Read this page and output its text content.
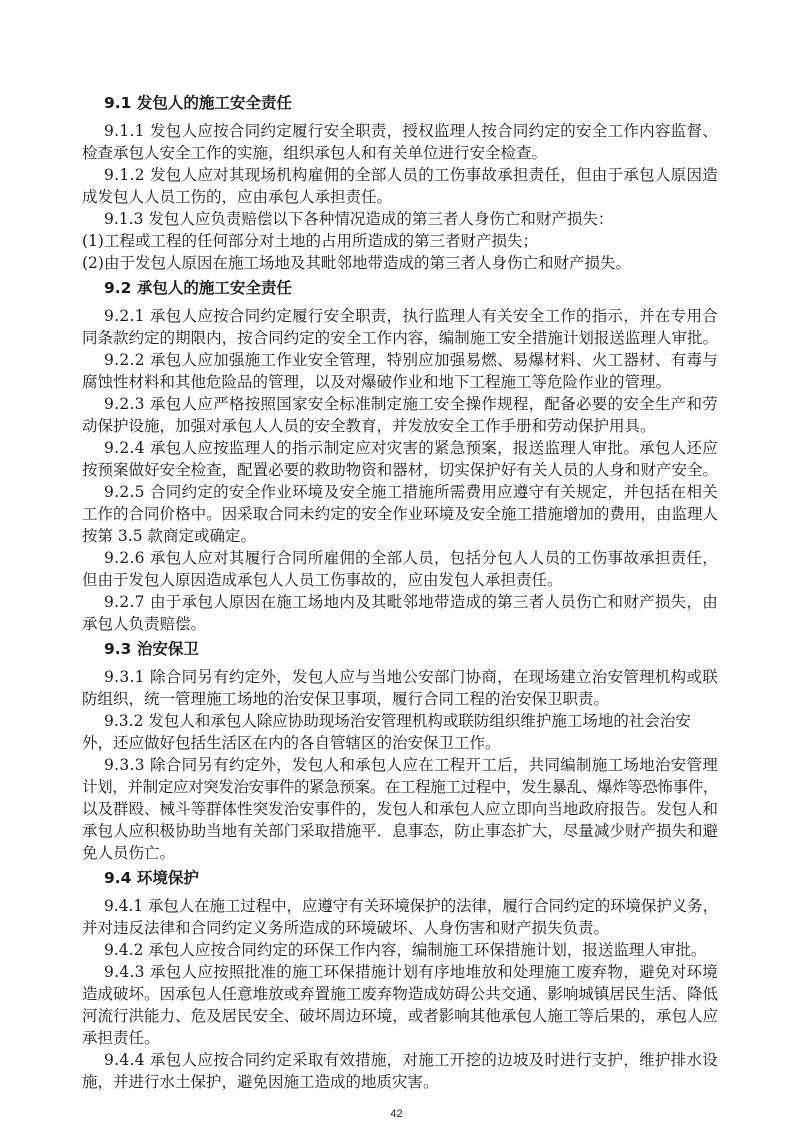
9.1 发包人的施工安全责任
9.1.1 发包人应按合同约定履行安全职责，授权监理人按合同约定的安全工作内容监督、
检查承包人安全工作的实施，组织承包人和有关单位进行安全检查。
9.1.2 发包人应对其现场机构雇佣的全部人员的工伤事故承担责任，但由于承包人原因造
成发包人人员工伤的，应由承包人承担责任。
9.1.3 发包人应负责赔偿以下各种情况造成的第三者人身伤亡和财产损失：
(1)工程或工程的任何部分对土地的占用所造成的第三者财产损失；
(2)由于发包人原因在施工场地及其毗邻地带造成的第三者人身伤亡和财产损失。
9.2 承包人的施工安全责任
9.2.1 承包人应按合同约定履行安全职责，执行监理人有关安全工作的指示，并在专用合
同条款约定的期限内，按合同约定的安全工作内容，编制施工安全措施计划报送监理人审批。
9.2.2 承包人应加强施工作业安全管理，特别应加强易燃、易爆材料、火工器材、有毒与
腐蚀性材料和其他危险品的管理，以及对爆破作业和地下工程施工等危险作业的管理。
9.2.3 承包人应严格按照国家安全标准制定施工安全操作规程，配备必要的安全生产和劳
动保护设施，加强对承包人人员的安全教育，并发放安全工作手册和劳动保护用具。
9.2.4 承包人应按监理人的指示制定应对灾害的紧急预案，报送监理人审批。承包人还应
按预案做好安全检查，配置必要的救助物资和器材，切实保护好有关人员的人身和财产安全。
9.2.5 合同约定的安全作业环境及安全施工措施所需费用应遵守有关规定，并包括在相关
工作的合同价格中。因采取合同未约定的安全作业环境及安全施工措施增加的费用，由监理人
按第 3.5 款商定或确定。
9.2.6 承包人应对其履行合同所雇佣的全部人员，包括分包人人员的工伤事故承担责任，
但由于发包人原因造成承包人人员工伤事故的，应由发包人承担责任。
9.2.7 由于承包人原因在施工场地内及其毗邻地带造成的第三者人员伤亡和财产损失，由
承包人负责赔偿。
9.3 治安保卫
9.3.1 除合同另有约定外，发包人应与当地公安部门协商，在现场建立治安管理机构或联
防组织，统一管理施工场地的治安保卫事项，履行合同工程的治安保卫职责。
9.3.2 发包人和承包人除应协助现场治安管理机构或联防组织维护施工场地的社会治安
外，还应做好包括生活区在内的各自管辖区的治安保卫工作。
9.3.3 除合同另有约定外，发包人和承包人应在工程开工后，共同编制施工场地治安管理
计划，并制定应对突发治安事件的紧急预案。在工程施工过程中，发生暴乱、爆炸等恐怖事件，
以及群殴、械斗等群体性突发治安事件的，发包人和承包人应立即向当地政府报告。发包人和
承包人应积极协助当地有关部门采取措施平．息事态，防止事态扩大，尽量减少财产损失和避
免人员伤亡。
9.4 环境保护
9.4.1 承包人在施工过程中，应遵守有关环境保护的法律，履行合同约定的环境保护义务，
并对违反法律和合同约定义务所造成的环境破坏、人身伤害和财产损失负责。
9.4.2 承包人应按合同约定的环保工作内容，编制施工环保措施计划，报送监理人审批。
9.4.3 承包人应按照批准的施工环保措施计划有序地堆放和处理施工废弃物，避免对环境
造成破坏。因承包人任意堆放或弃置施工废弃物造成妨碍公共交通、影响城镇居民生活、降低
河流行洪能力、危及居民安全、破坏周边环境，或者影响其他承包人施工等后果的，承包人应
承担责任。
9.4.4 承包人应按合同约定采取有效措施，对施工开挖的边坡及时进行支护，维护排水设
施，并进行水土保护，避免因施工造成的地质灾害。
42
